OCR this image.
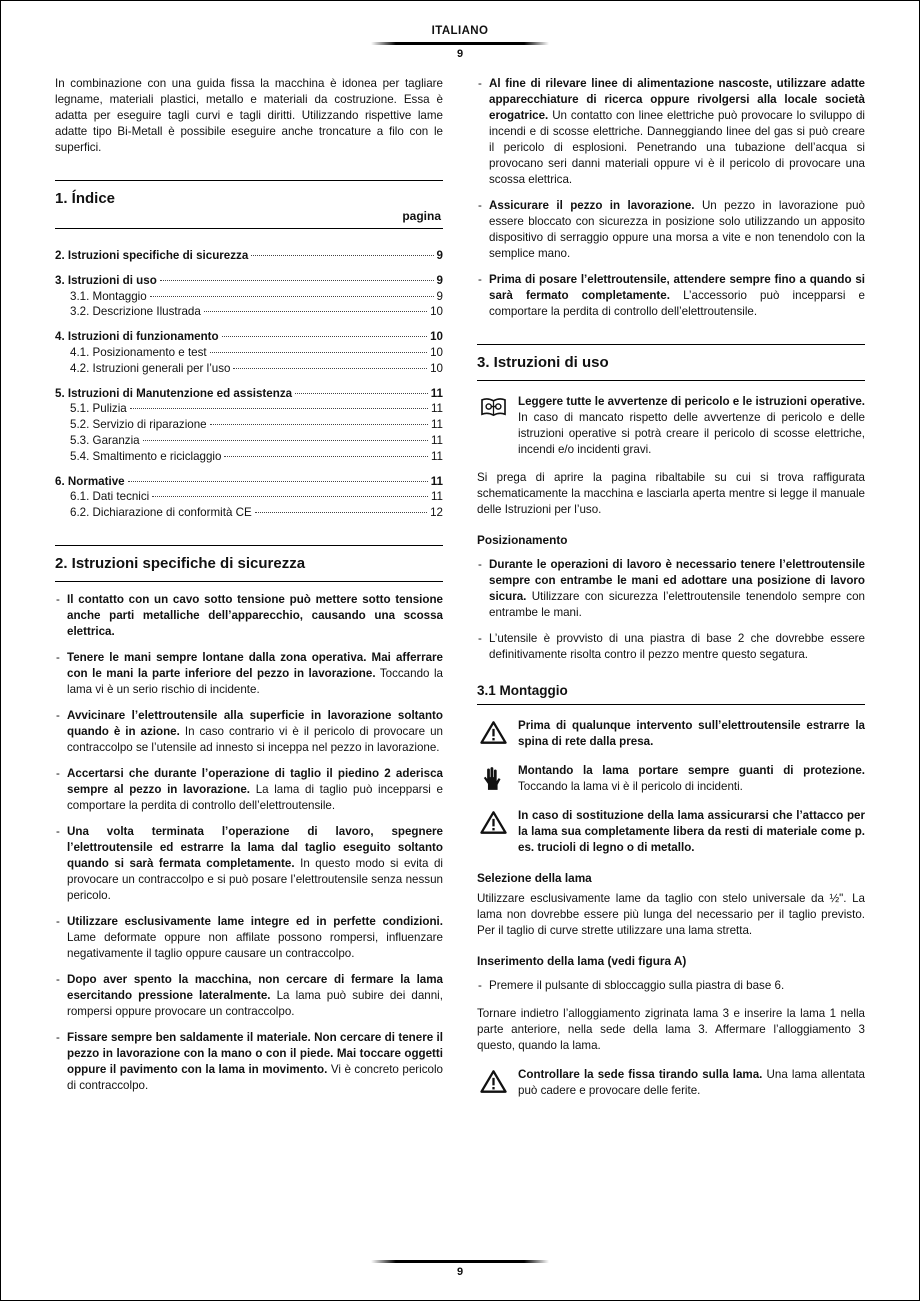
ITALIANO
9

In combinazione con una guida fissa la macchina è idonea per tagliare legname, materiali plastici, metallo e materiali da costruzione. Essa è adatta per eseguire tagli curvi e tagli diritti. Utilizzando rispettive lame adatte tipo Bi-Metall è possibile eseguire anche troncature a filo con le superfici.

1. Índice
pagina
2. Istruzioni specifiche di sicurezza	9
3. Istruzioni di uso	9
3.1. Montaggio	9
3.2. Descrizione Ilustrada	10
4. Istruzioni di funzionamento	10
4.1. Posizionamento e test	10
4.2. Istruzioni generali per l’uso	10
5. Istruzioni di Manutenzione ed assistenza	11
5.1. Pulizia	11
5.2. Servizio di riparazione	11
5.3. Garanzia	11
5.4. Smaltimento e riciclaggio	11
6. Normative	11
6.1. Dati tecnici	11
6.2. Dichiarazione di conformità CE	12
2. Istruzioni specifiche di sicurezza

- Il contatto con un cavo sotto tensione può mettere sotto tensione anche parti metalliche dell’apparecchio, causando una scossa elettrica.

- Tenere le mani sempre lontane dalla zona operativa. Mai afferrare con le mani la parte inferiore del pezzo in lavorazione. Toccando la lama vi è un serio rischio di incidente.

- Avvicinare l’elettroutensile alla superficie in lavorazione soltanto quando è in azione. In caso contrario vi è il pericolo di provocare un contraccolpo se l’utensile ad innesto si inceppa nel pezzo in lavorazione.

- Accertarsi che durante l’operazione di taglio il piedino 2 aderisca sempre al pezzo in lavorazione. La lama di taglio può incepparsi e comportare la perdita di controllo dell’elettroutensile.

- Una volta terminata l’operazione di lavoro, spegnere l’elettroutensile ed estrarre la lama dal taglio eseguito soltanto quando si sarà fermata completamente. In questo modo si evita di provocare un contraccolpo e si può posare l’elettroutensile senza nessun pericolo.

- Utilizzare esclusivamente lame integre ed in perfette condizioni. Lame deformate oppure non affilate possono rompersi, influenzare negativamente il taglio oppure causare un contraccolpo.

- Dopo aver spento la macchina, non cercare di fermare la lama esercitando pressione lateralmente. La lama può subire dei danni, rompersi oppure provocare un contraccolpo.

- Fissare sempre ben saldamente il materiale. Non cercare di tenere il pezzo in lavorazione con la mano o con il piede. Mai toccare oggetti oppure il pavimento con la lama in movimento. Vi è concreto pericolo di contraccolpo.

- Al fine di rilevare linee di alimentazione nascoste, utilizzare adatte apparecchiature di ricerca oppure rivolgersi alla locale società erogatrice. Un contatto con linee elettriche può provocare lo sviluppo di incendi e di scosse elettriche. Danneggiando linee del gas si può creare il pericolo di esplosioni. Penetrando una tubazione dell’acqua si provocano seri danni materiali oppure vi è il pericolo di provocare una scossa elettrica.

- Assicurare il pezzo in lavorazione. Un pezzo in lavorazione può essere bloccato con sicurezza in posizione solo utilizzando un apposito dispositivo di serraggio oppure una morsa a vite e non tenendolo con la semplice mano.

- Prima di posare l’elettroutensile, attendere sempre fino a quando si sarà fermato completamente. L’accessorio può incepparsi e comportare la perdita di controllo dell’elettroutensile.

3. Istruzioni di uso

Leggere tutte le avvertenze di pericolo e le istruzioni operative. In caso di mancato rispetto delle avvertenze di pericolo e delle istruzioni operative si potrà creare il pericolo di scosse elettriche, incendi e/o incidenti gravi.

Si prega di aprire la pagina ribaltabile su cui si trova raffigurata schematicamente la macchina e lasciarla aperta mentre si legge il manuale delle Istruzioni per l’uso.

Posizionamento

- Durante le operazioni di lavoro è necessario tenere l’elettroutensile sempre con entrambe le mani ed adottare una posizione di lavoro sicura. Utilizzare con sicurezza l’elettroutensile tenendolo sempre con entrambe le mani.

- L’utensile è provvisto di una piastra di base 2 che dovrebbe essere definitivamente risolta contro il pezzo mentre questo segatura.

3.1 Montaggio

Prima di qualunque intervento sull’elettroutensile estrarre la spina di rete dalla presa.

Montando la lama portare sempre guanti di protezione. Toccando la lama vi è il pericolo di incidenti.

In caso di sostituzione della lama assicurarsi che l’attacco per la lama sua completamente libera da resti di materiale come p. es. trucioli di legno o di metallo.

Selezione della lama

Utilizzare esclusivamente lame da taglio con stelo universale da ½". La lama non dovrebbe essere più lunga del necessario per il taglio previsto. Per il taglio di curve strette utilizzare una lama stretta.

Inserimento della lama (vedi figura A)

- Premere il pulsante di sbloccaggio sulla piastra di base 6.

Tornare indietro l’alloggiamento zigrinata lama 3 e inserire la lama 1 nella parte anteriore, nella sede della lama 3. Affermare l’alloggiamento 3 questo, quando la lama.

Controllare la sede fissa tirando sulla lama. Una lama allentata può cadere e provocare delle ferite.

9
